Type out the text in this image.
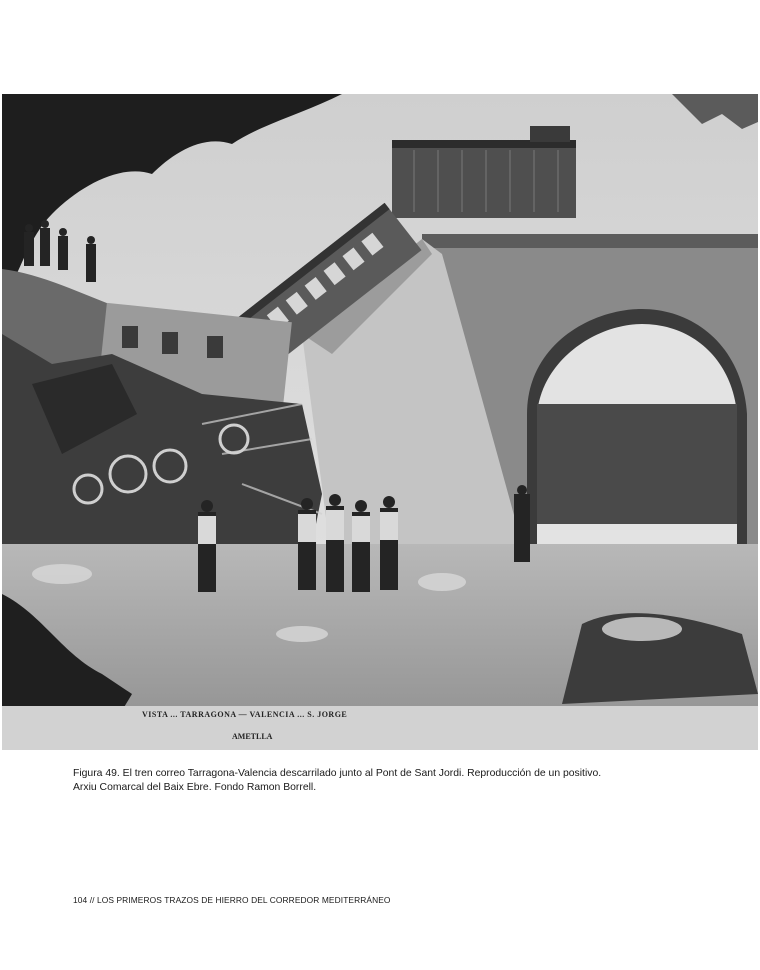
VISTA ... TARRAGONA — VALENCIA ... S. JORGE
AMETLLA
Figura 49. El tren correo Tarragona-Valencia descarrilado junto al Pont de Sant Jordi. Reproducción de un positivo.
Arxiu Comarcal del Baix Ebre. Fondo Ramon Borrell.
104 // LOS PRIMEROS TRAZOS DE HIERRO DEL CORREDOR MEDITERRÁNEO
